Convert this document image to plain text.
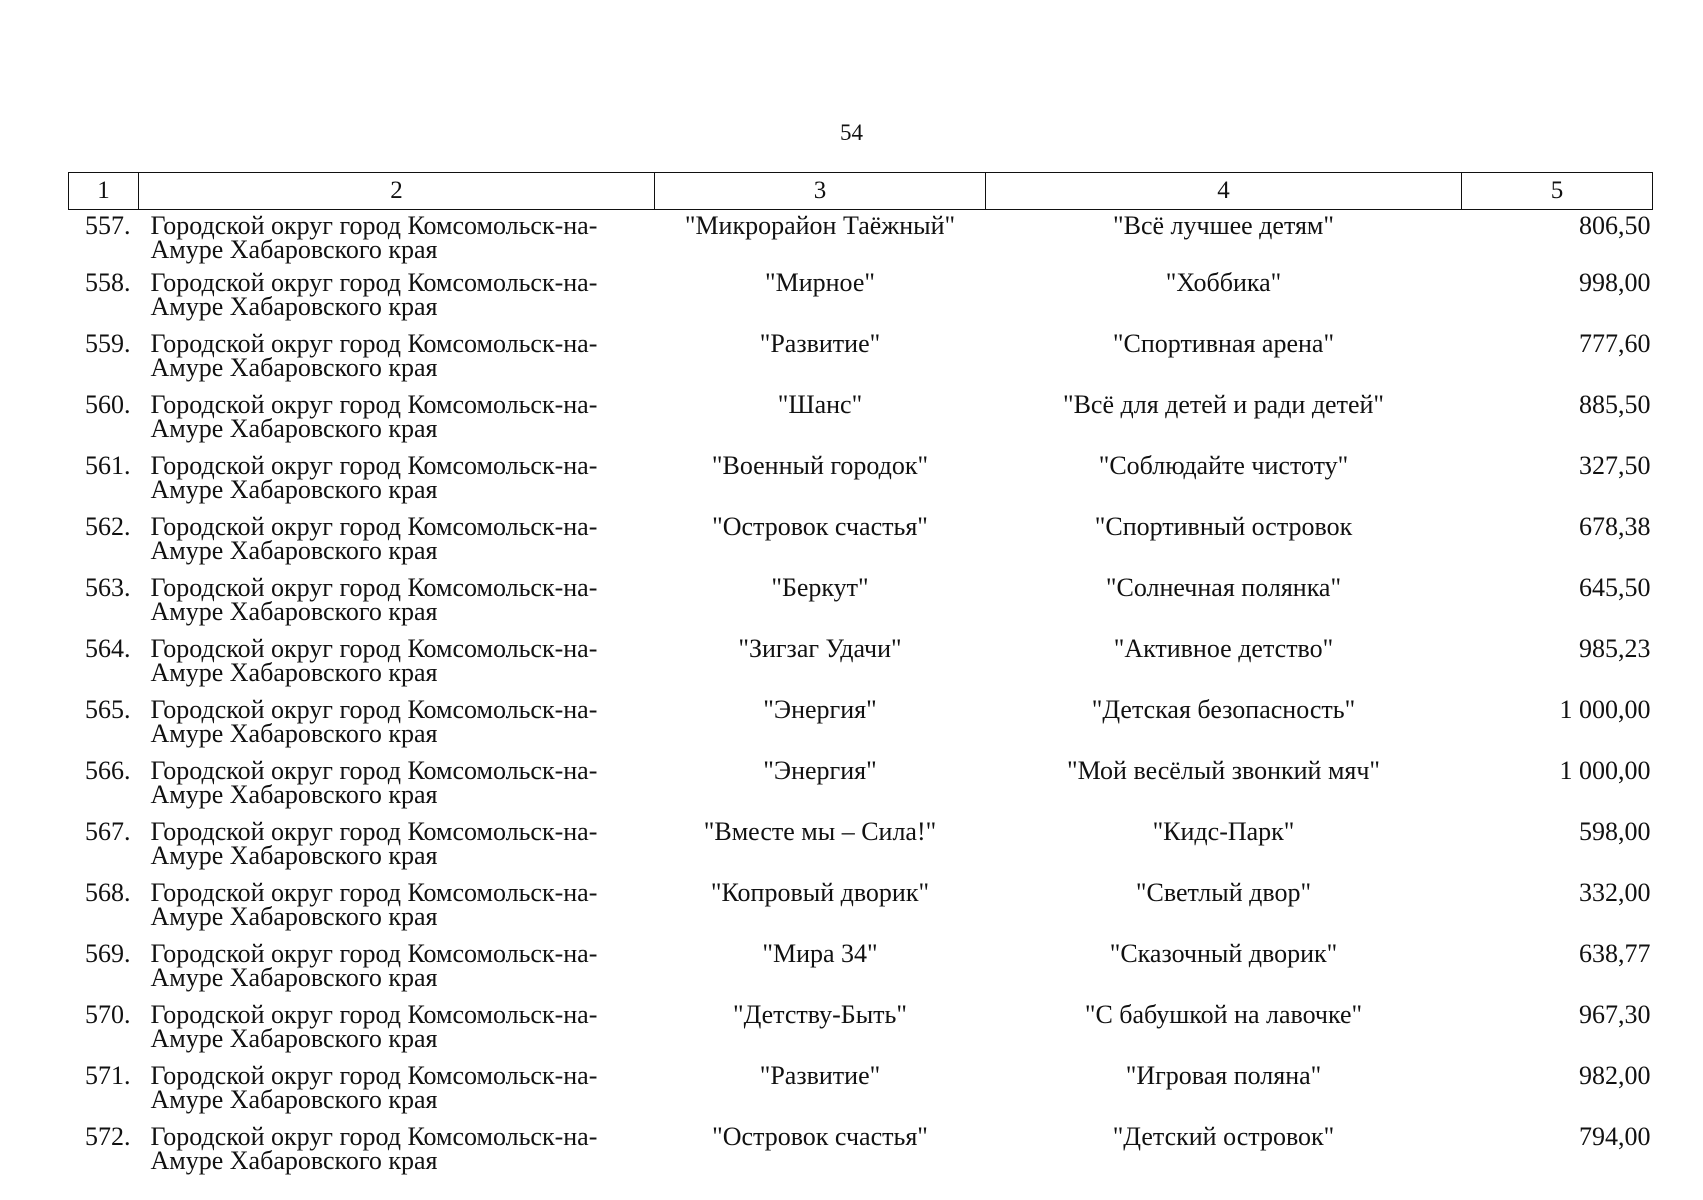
54
1	2	3	4	5
557.	Городской округ город Комсомольск-на-
Амуре Хабаровского края	"Микрорайон Таёжный"	"Всё лучшее детям"	806,50
558.	Городской округ город Комсомольск-на-
Амуре Хабаровского края	"Мирное"	"Хоббика"	998,00
559.	Городской округ город Комсомольск-на-
Амуре Хабаровского края	"Развитие"	"Спортивная арена"	777,60
560.	Городской округ город Комсомольск-на-
Амуре Хабаровского края	"Шанс"	"Всё для детей и ради детей"	885,50
561.	Городской округ город Комсомольск-на-
Амуре Хабаровского края	"Военный городок"	"Соблюдайте чистоту"	327,50
562.	Городской округ город Комсомольск-на-
Амуре Хабаровского края	"Островок счастья"	"Спортивный островок	678,38
563.	Городской округ город Комсомольск-на-
Амуре Хабаровского края	"Беркут"	"Солнечная полянка"	645,50
564.	Городской округ город Комсомольск-на-
Амуре Хабаровского края	"Зигзаг Удачи"	"Активное детство"	985,23
565.	Городской округ город Комсомольск-на-
Амуре Хабаровского края	"Энергия"	"Детская безопасность"	1 000,00
566.	Городской округ город Комсомольск-на-
Амуре Хабаровского края	"Энергия"	"Мой весёлый звонкий мяч"	1 000,00
567.	Городской округ город Комсомольск-на-
Амуре Хабаровского края	"Вместе мы – Сила!"	"Кидс-Парк"	598,00
568.	Городской округ город Комсомольск-на-
Амуре Хабаровского края	"Копровый дворик"	"Светлый двор"	332,00
569.	Городской округ город Комсомольск-на-
Амуре Хабаровского края	"Мира 34"	"Сказочный дворик"	638,77
570.	Городской округ город Комсомольск-на-
Амуре Хабаровского края	"Детству-Быть"	"С бабушкой на лавочке"	967,30
571.	Городской округ город Комсомольск-на-
Амуре Хабаровского края	"Развитие"	"Игровая поляна"	982,00
572.	Городской округ город Комсомольск-на-
Амуре Хабаровского края	"Островок счастья"	"Детский островок"	794,00
